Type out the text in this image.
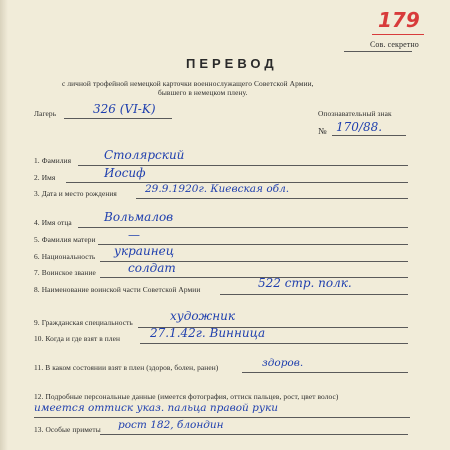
179
Сов. секретно
ПЕРЕВОД
с личной трофейной немецкой карточки военнослужащего Советской Армии,
бывшего в немецком плену.
Лагерь	326 (VI-K)	Опознавательный знак
№ 170/88.
1. Фамилия	Столярский
2. Имя	Иосиф
3. Дата и место рождения	29.9.1920г. Киевская обл.
4. Имя отца	Вольмалов
5. Фамилия матери	—
6. Национальность украинец
7. Воинское звание	солдат
8. Наименование воинской части Советской Армии	522 стр. полк.
9. Гражданская специальность	художник
10. Когда и где взят в плен 27.1.42г. Винница
11. В каком состоянии взят в плен (здоров, болен, ранен)	здоров.
12. Подробные персональные данные (имеется фотография, оттиск пальцев, рост, цвет волос)
имеется оттиск указ. пальца правой руки
13. Особые приметы рост 182, блондин
